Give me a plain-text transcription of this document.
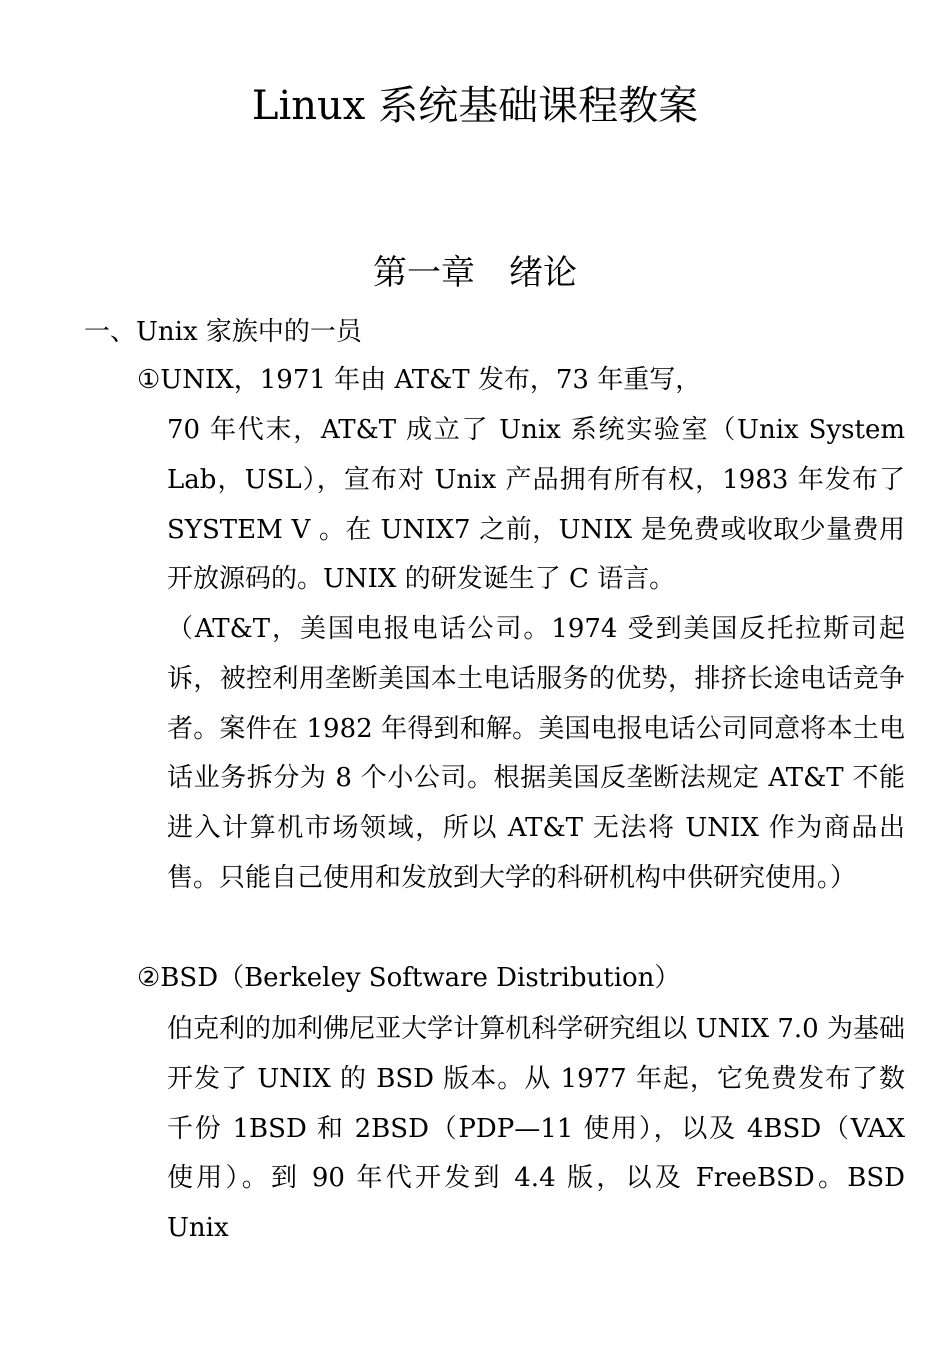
Linux 系统基础课程教案
第一章　绪论
一、Unix 家族中的一员

①UNIX，1971 年由 AT&T 发布，73 年重写，

70 年代末，AT&T 成立了 Unix 系统实验室（Unix System Lab，USL），宣布对 Unix 产品拥有所有权，1983 年发布了 SYSTEM V 。在 UNIX7 之前，UNIX 是免费或收取少量费用开放源码的。UNIX 的研发诞生了 C 语言。

（AT&T，美国电报电话公司。1974 受到美国反托拉斯司起诉，被控利用垄断美国本土电话服务的优势，排挤长途电话竞争者。案件在 1982 年得到和解。美国电报电话公司同意将本土电话业务拆分为 8 个小公司。根据美国反垄断法规定 AT&T 不能进入计算机市场领域，所以 AT&T 无法将 UNIX 作为商品出售。只能自己使用和发放到大学的科研机构中供研究使用。）

②BSD（Berkeley Software Distribution）

伯克利的加利佛尼亚大学计算机科学研究组以 UNIX 7.0 为基础开发了 UNIX 的 BSD 版本。从 1977 年起，它免费发布了数千份 1BSD 和 2BSD（PDP—11 使用），以及 4BSD（VAX 使用）。到 90 年代开发到 4.4 版，以及 FreeBSD。BSD Unix
